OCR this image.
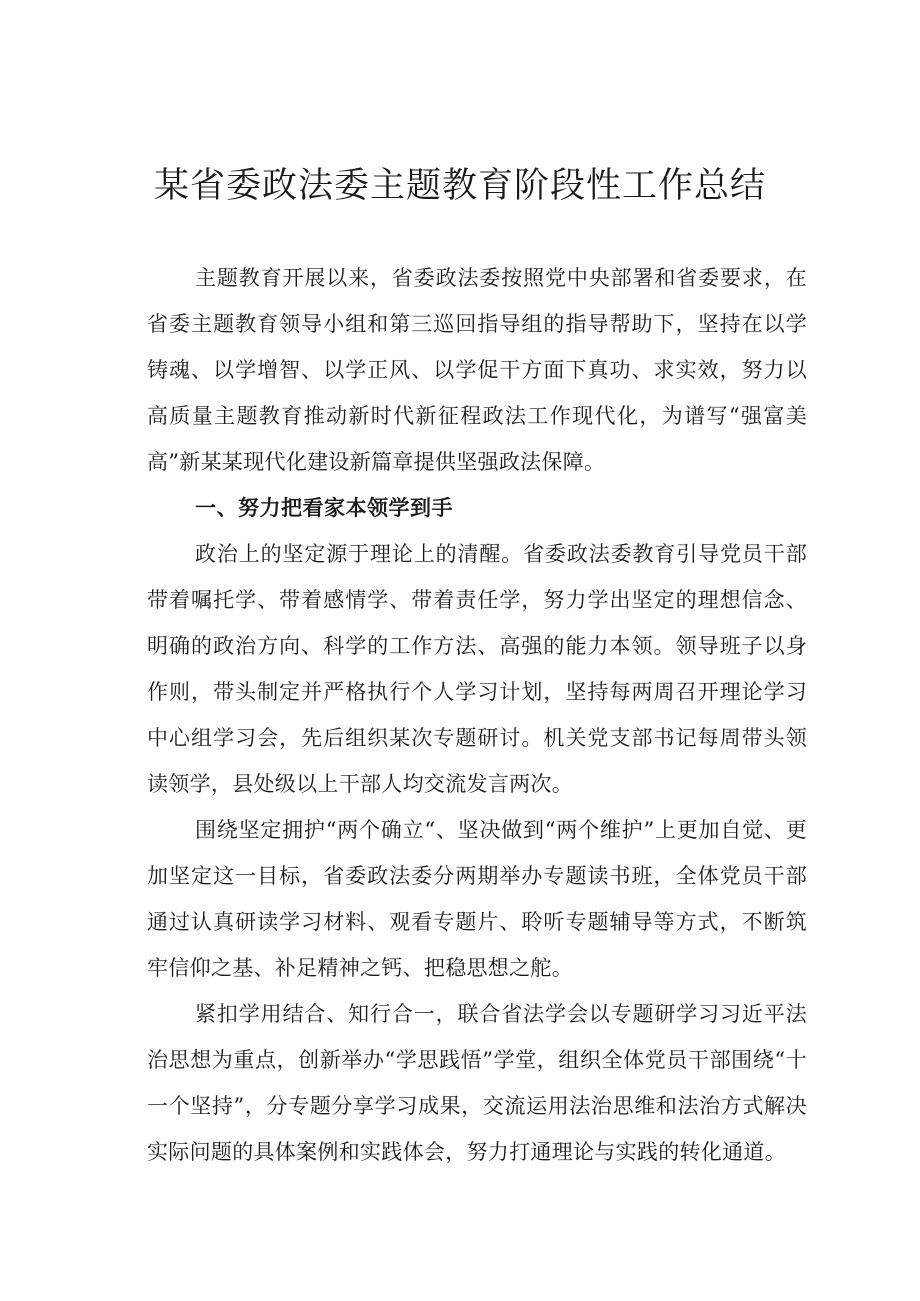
某省委政法委主题教育阶段性工作总结

主题教育开展以来，省委政法委按照党中央部署和省委要求，在省委主题教育领导小组和第三巡回指导组的指导帮助下，坚持在以学铸魂、以学增智、以学正风、以学促干方面下真功、求实效，努力以高质量主题教育推动新时代新征程政法工作现代化，为谱写“强富美高”新某某现代化建设新篇章提供坚强政法保障。

一、努力把看家本领学到手

政治上的坚定源于理论上的清醒。省委政法委教育引导党员干部带着嘱托学、带着感情学、带着责任学，努力学出坚定的理想信念、明确的政治方向、科学的工作方法、高强的能力本领。领导班子以身作则，带头制定并严格执行个人学习计划，坚持每两周召开理论学习中心组学习会，先后组织某次专题研讨。机关党支部书记每周带头领读领学，县处级以上干部人均交流发言两次。

围绕坚定拥护“两个确立“、坚决做到“两个维护”上更加自觉、更加坚定这一目标，省委政法委分两期举办专题读书班，全体党员干部通过认真研读学习材料、观看专题片、聆听专题辅导等方式，不断筑牢信仰之基、补足精神之钙、把稳思想之舵。

紧扣学用结合、知行合一，联合省法学会以专题研学习习近平法治思想为重点，创新举办“学思践悟”学堂，组织全体党员干部围绕“十一个坚持”，分专题分享学习成果，交流运用法治思维和法治方式解决实际问题的具体案例和实践体会，努力打通理论与实践的转化通道。
